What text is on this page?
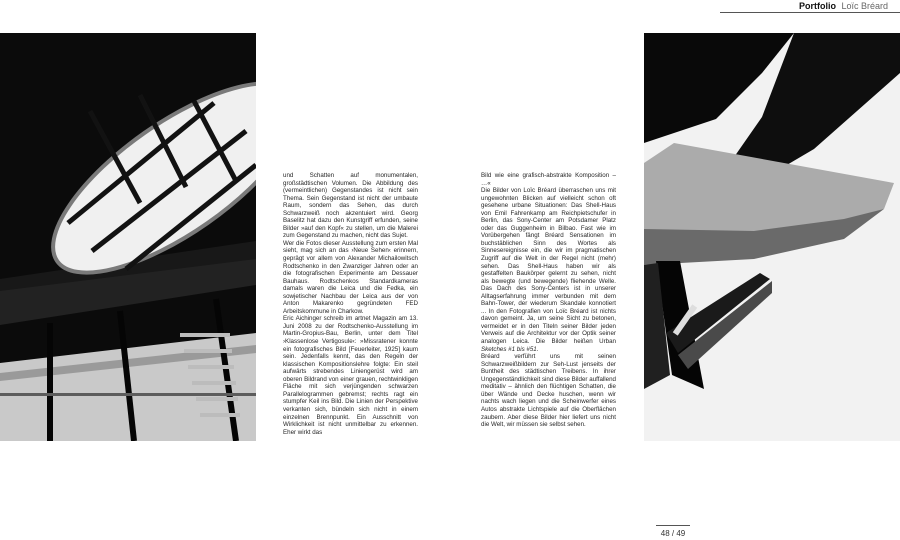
Portfolio Loïc Bréard

und Schatten auf monumentalen, großstädtischen Volumen. Die Abbildung des (vermeintlichen) Gegenstandes ist nicht sein Thema. Sein Gegenstand ist nicht der umbaute Raum, sondern das Sehen, das durch Schwarzweiß noch akzentuiert wird. Georg Baselitz hat dazu den Kunstgriff erfunden, seine Bilder »auf den Kopf« zu stellen, um die Malerei zum Gegenstand zu machen, nicht das Sujet.

Wer die Fotos dieser Ausstellung zum ersten Mal sieht, mag sich an das ›Neue Sehen‹ erinnern, geprägt vor allem von Alexander Michailowitsch Rodtschenko in den Zwanziger Jahren oder an die fotografischen Experimente am Dessauer Bauhaus. Rodtschenkos Standardkameras damals waren die Leica und die Fedka, ein sowjetischer Nachbau der Leica aus der von Anton Makarenko gegründeten FED Arbeitskommune in Charkow.

Eric Aichinger schreib im artnet Magazin am 13. Juni 2008 zu der Rodtschenko-Ausstellung im Martin-Gropius-Bau, Berlin, unter dem Titel ›Klassenlose Vertigosule‹: »Missratener konnte ein fotografisches Bild [Feuerleiter, 1925] kaum sein. Jedenfalls kennt, das den Regeln der klassischen Kompositionslehre folgte: Ein steil aufwärts strebendes Liniengerüst wird am oberen Bildrand von einer grauen, rechtwinkligen Fläche mit sich verjüngenden schwarzen Parallelogrammen gebremst; rechts ragt ein stumpfer Keil ins Bild. Die Linien der Perspektive verkanten sich, bündeln sich nicht in einem einzelnen Brennpunkt. Ein Ausschnitt von Wirklichkeit ist nicht unmittelbar zu erkennen. Eher wirkt das

Bild wie eine grafisch-abstrakte Komposition – …«

Die Bilder von Loïc Bréard überraschen uns mit ungewohnten Blicken auf vielleicht schon oft gesehene urbane Situationen: Das Shell-Haus von Emil Fahrenkamp am Reichpietschufer in Berlin, das Sony-Center am Potsdamer Platz oder das Guggenheim in Bilbao. Fast wie im Vorübergehen fängt Bréard Sensationen im buchstäblichen Sinn des Wortes als Sinnesereignisse ein, die wir im pragmatischen Zugriff auf die Welt in der Regel nicht (mehr) sehen. Das Shell-Haus haben wir als gestaffelten Baukörper gelernt zu sehen, nicht als bewegte (und bewegende) fliehende Welle. Das Dach des Sony-Centers ist in unserer Alltagserfahrung immer verbunden mit dem Bahn-Tower, der wiederum Skandale konnotiert ... In den Fotografien von Loïc Bréard ist nichts davon gemeint. Ja, um seine Sicht zu betonen, vermeidet er in den Titeln seiner Bilder jeden Verweis auf die Architektur vor der Optik seiner analogen Leica. Die Bilder heißen Urban Sketches #1 bis #51.

Bréard verführt uns mit seinen Schwarzweißbildern zur Seh-Lust jenseits der Buntheit des städtischen Treibens. In ihrer Ungegenständlichkeit sind diese Bilder auffallend meditativ – ähnlich den flüchtigen Schatten, die über Wände und Decke huschen, wenn wir nachts wach liegen und die Scheinwerfer eines Autos abstrakte Lichtspiele auf die Oberflächen zaubern. Aber diese Bilder hier liefert uns nicht die Welt, wir müssen sie selbst sehen.

48 / 49
